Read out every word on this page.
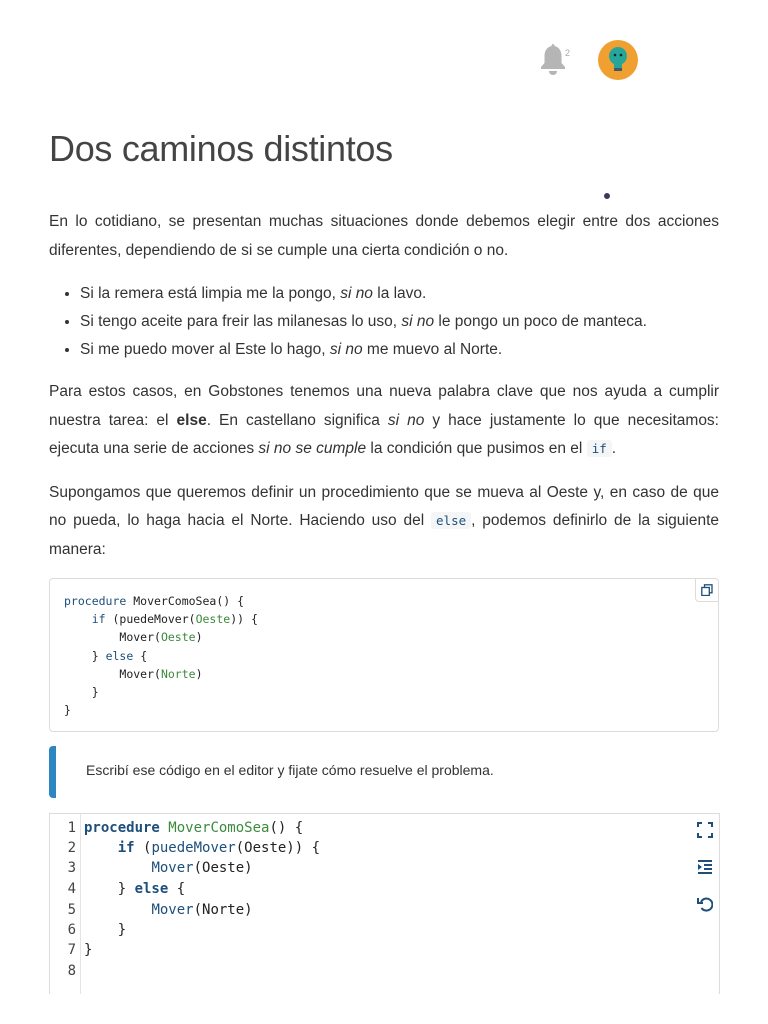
2
Dos caminos distintos

En lo cotidiano, se presentan muchas situaciones donde debemos elegir entre dos acciones diferentes, dependiendo de si se cumple una cierta condición o no.

• Si la remera está limpia me la pongo, si no la lavo.
• Si tengo aceite para freir las milanesas lo uso, si no le pongo un poco de manteca.
• Si me puedo mover al Este lo hago, si no me muevo al Norte.

Para estos casos, en Gobstones tenemos una nueva palabra clave que nos ayuda a cumplir nuestra tarea: el else. En castellano significa si no y hace justamente lo que necesitamos: ejecuta una serie de acciones si no se cumple la condición que pusimos en el if .

Supongamos que queremos definir un procedimiento que se mueva al Oeste y, en caso de que no pueda, lo haga hacia el Norte. Haciendo uso del else , podemos definirlo de la siguiente manera:

procedure MoverComoSea() {
if (puedeMover(Oeste)) {
Mover(Oeste)
} else {
Mover(Norte)
}
}
Escribí ese código en el editor y fijate cómo resuelve el problema.
1
2
3
4
5
6
7
8
procedure MoverComoSea() {
if (puedeMover(Oeste)) {
Mover(Oeste)
} else {
Mover(Norte)
}
}
